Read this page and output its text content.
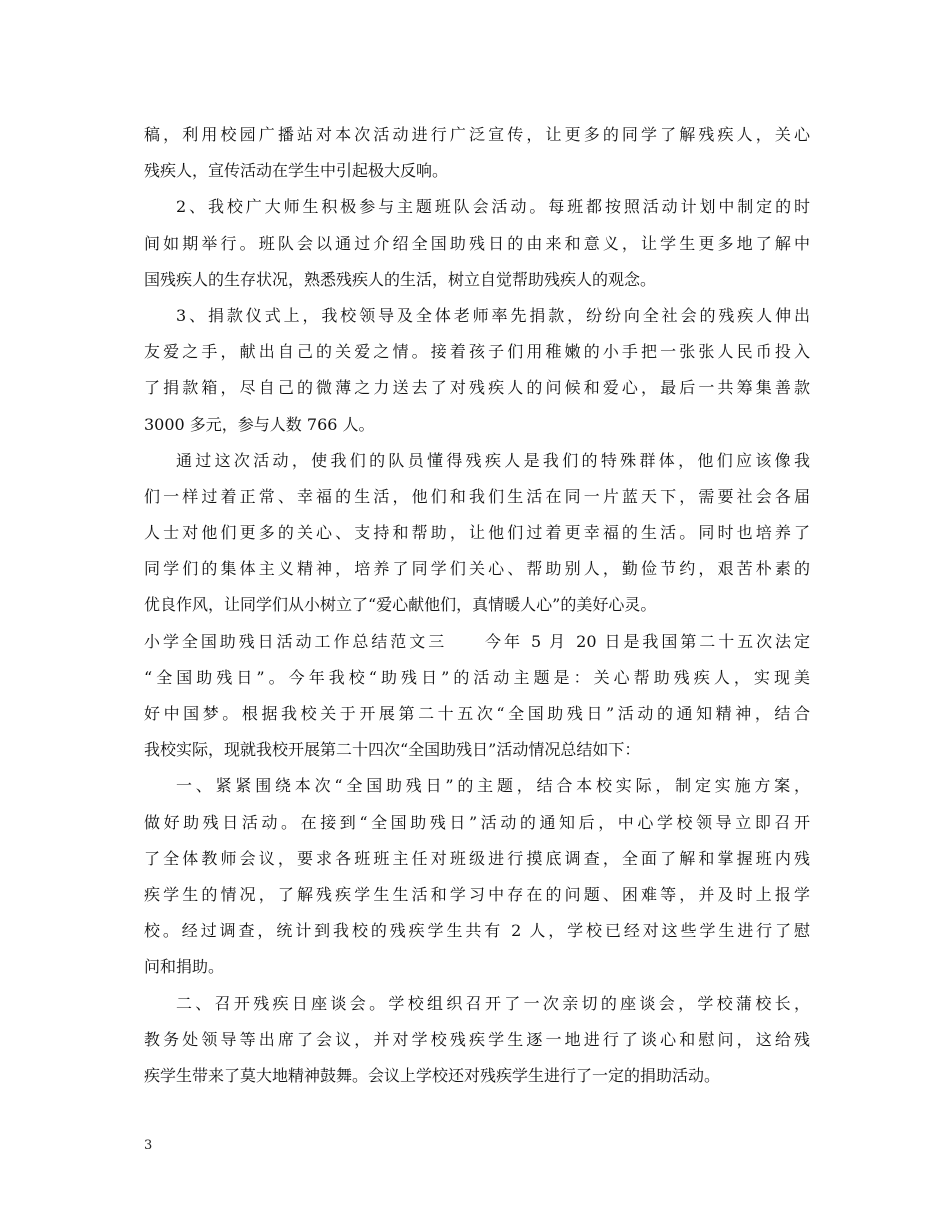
稿，利用校园广播站对本次活动进行广泛宣传，让更多的同学了解残疾人，关心
残疾人，宣传活动在学生中引起极大反响。
2、我校广大师生积极参与主题班队会活动。每班都按照活动计划中制定的时
间如期举行。班队会以通过介绍全国助残日的由来和意义，让学生更多地了解中
国残疾人的生存状况，熟悉残疾人的生活，树立自觉帮助残疾人的观念。
3、捐款仪式上，我校领导及全体老师率先捐款，纷纷向全社会的残疾人伸出
友爱之手，献出自己的关爱之情。接着孩子们用稚嫩的小手把一张张人民币投入
了捐款箱，尽自己的微薄之力送去了对残疾人的问候和爱心，最后一共筹集善款
3000 多元，参与人数 766 人。
通过这次活动，使我们的队员懂得残疾人是我们的特殊群体，他们应该像我
们一样过着正常、幸福的生活，他们和我们生活在同一片蓝天下，需要社会各届
人士对他们更多的关心、支持和帮助，让他们过着更幸福的生活。同时也培养了
同学们的集体主义精神，培养了同学们关心、帮助别人，勤俭节约，艰苦朴素的
优良作风，让同学们从小树立了“爱心献他们，真情暖人心”的美好心灵。
小学全国助残日活动工作总结范文三　　今年 5 月 20 日是我国第二十五次法定
“全国助残日”。今年我校“助残日”的活动主题是：关心帮助残疾人，实现美
好中国梦。根据我校关于开展第二十五次“全国助残日”活动的通知精神，结合
我校实际，现就我校开展第二十四次“全国助残日”活动情况总结如下：
一、紧紧围绕本次“全国助残日”的主题，结合本校实际，制定实施方案，
做好助残日活动。在接到“全国助残日”活动的通知后，中心学校领导立即召开
了全体教师会议，要求各班班主任对班级进行摸底调查，全面了解和掌握班内残
疾学生的情况，了解残疾学生生活和学习中存在的问题、困难等，并及时上报学
校。经过调查，统计到我校的残疾学生共有 2 人，学校已经对这些学生进行了慰
问和捐助。
二、召开残疾日座谈会。学校组织召开了一次亲切的座谈会，学校蒲校长，
教务处领导等出席了会议，并对学校残疾学生逐一地进行了谈心和慰问，这给残
疾学生带来了莫大地精神鼓舞。会议上学校还对残疾学生进行了一定的捐助活动。
3
